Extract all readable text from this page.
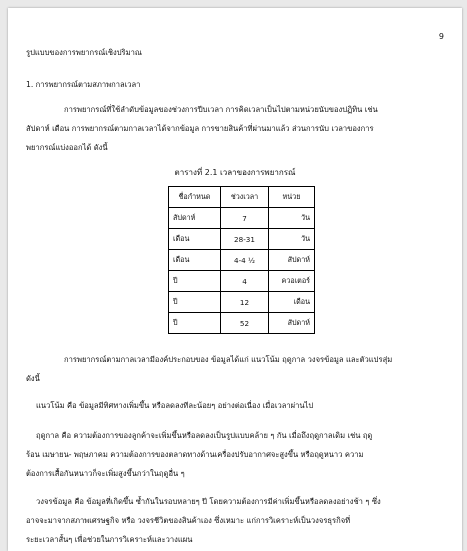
9
รูปแบบของการพยากรณ์เชิงปริมาณ
1. การพยากรณ์ตามสภาพกาลเวลา
การพยากรณ์ที่ใช้ลำดับข้อมูลของช่วงการปีบเวลา การคิดเวลาเป็นไปตามหน่วยนับของปฏิทิน เช่น
สัปดาห์ เดือน การพยากรณ์ตามกาลเวลาได้จากข้อมูล การขายสินค้าที่ผ่านมาแล้ว ส่วนการนับ เวลาของการ
พยากรณ์แบ่งออกได้ ดังนี้
ตารางที่ 2.1 เวลาของการพยากรณ์
ชื่อกำหนด	ช่วงเวลา	หน่วย
สัปดาห์	7	วัน
เดือน	28-31	วัน
เดือน	4-4 ½	สัปดาห์
ปี	4	ควอเตอร์
ปี	12	เดือน
ปี	52	สัปดาห์
การพยากรณ์ตามกาลเวลามีองค์ประกอบของ ข้อมูลได้แก่ แนวโน้ม ฤดูกาล วงจรข้อมูล และตัวแปรสุ่ม
ดังนี้
แนวโน้ม คือ ข้อมูลมีทิศทางเพิ่มขึ้น หรือลดลงทีละน้อยๆ อย่างต่อเนื่อง เมื่อเวลาผ่านไป
ฤดูกาล คือ ความต้องการของลูกค้าจะเพิ่มขึ้นหรือลดลงเป็นรูปแบบคล้าย ๆ กัน เมื่อถึงฤดูกาลเดิม เช่น ฤดู
ร้อน เมษายน- พฤษภาคม ความต้องการของตลาดทางด้านเครื่องปรับอากาศจะสูงขึ้น หรือฤดูหนาว ความ
ต้องการเสื้อกันหนาวก็จะเพิ่มสูงขึ้นกว่าในฤดูอื่น ๆ
วงจรข้อมูล คือ ข้อมูลที่เกิดขึ้น ซ้ำกันในรอบหลายๆ ปี โดยความต้องการมีค่าเพิ่มขึ้นหรือลดลงอย่างช้า ๆ ซึ่ง
อาจจะมาจากสภาพเศรษฐกิจ หรือ วงจรชีวิตของสินค้าเอง ซึ่งเหมาะ แก่การวิเคราะห์เป็นวงจรธุรกิจที่
ระยะเวลาสั้นๆ เพื่อช่วยในการวิเคราะห์และวางแผน
